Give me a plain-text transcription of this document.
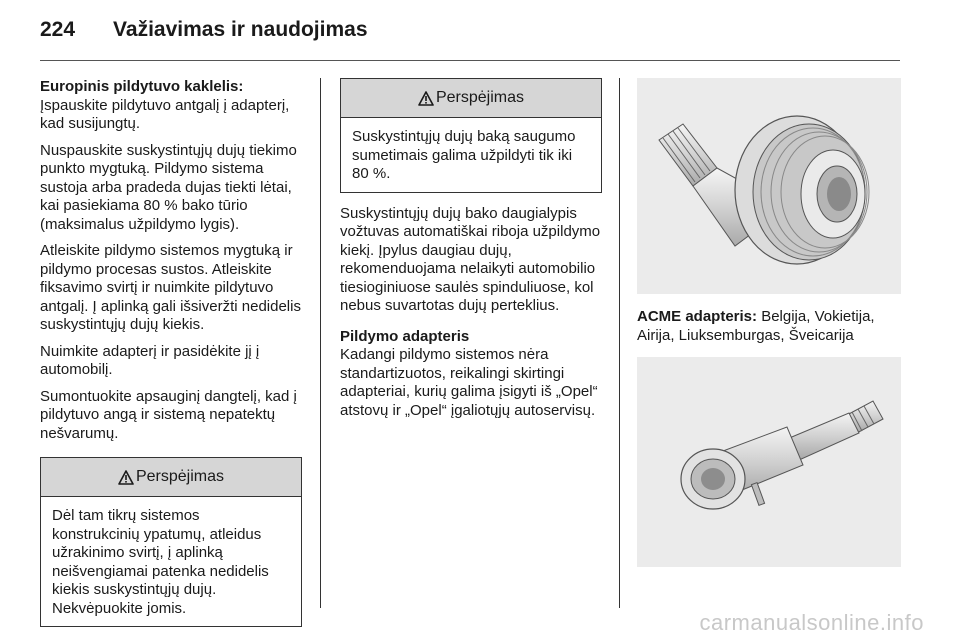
224 Važiavimas ir naudojimas
Europinis pildytuvo kaklelis:

Įspauskite pildytuvo antgalį į adapterį, kad susijungtų.

Nuspauskite suskystintųjų dujų tiekimo punkto mygtuką. Pildymo sistema sustoja arba pradeda dujas tiekti lėtai, kai pasiekiama 80 % bako tūrio (maksimalus užpildymo lygis).

Atleiskite pildymo sistemos mygtuką ir pildymo procesas sustos. Atleiskite fiksavimo svirtį ir nuimkite pildytuvo antgalį. Į aplinką gali išsiveržti nedidelis suskystintųjų dujų kiekis.

Nuimkite adapterį ir pasidėkite jį į automobilį.

Sumontuokite apsauginį dangtelį, kad į pildytuvo angą ir sistemą nepatektų nešvarumų.

Perspėjimas
Dėl tam tikrų sistemos konstrukcinių ypatumų, atleidus užrakinimo svirtį, į aplinką neišvengiamai patenka nedidelis kiekis suskystintųjų dujų. Nekvėpuokite jomis.
Perspėjimas
Suskystintųjų dujų baką saugumo sumetimais galima užpildyti tik iki 80 %.

Suskystintųjų dujų bako daugialypis vožtuvas automatiškai riboja užpildymo kiekį. Įpylus daugiau dujų, rekomenduojama nelaikyti automobilio tiesioginiuose saulės spinduliuose, kol nebus suvartotas dujų perteklius.

Pildymo adapteris

Kadangi pildymo sistemos nėra standartizuotos, reikalingi skirtingi adapteriai, kurių galima įsigyti iš „Opel“ atstovų ir „Opel“ įgaliotųjų autoservisų.

ACME adapteris: Belgija, Vokietija, Airija, Liuksemburgas, Šveicarija
carmanualsonline.info
